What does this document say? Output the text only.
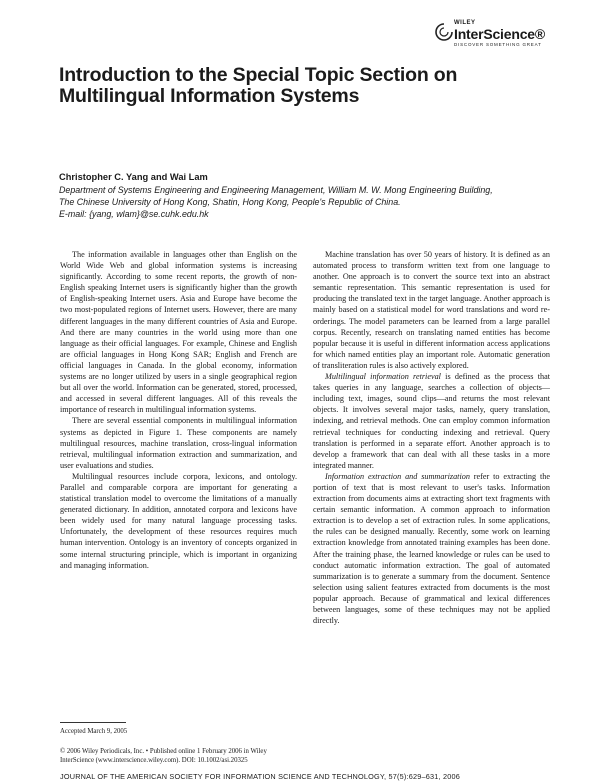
WILEY
InterScience®
DISCOVER SOMETHING GREAT
Introduction to the Special Topic Section on Multilingual Information Systems
Christopher C. Yang and Wai Lam
Department of Systems Engineering and Engineering Management, William M. W. Mong Engineering Building,
The Chinese University of Hong Kong, Shatin, Hong Kong, People's Republic of China.
E-mail: {yang, wlam}@se.cuhk.edu.hk

The information available in languages other than English on the World Wide Web and global information systems is increasing significantly. According to some recent reports, the growth of non-English speaking Internet users is significantly higher than the growth of English-speaking Internet users. Asia and Europe have become the two most-populated regions of Internet users. However, there are many different languages in the many different countries of Asia and Europe. And there are many countries in the world using more than one language as their official languages. For example, Chinese and English are official languages in Hong Kong SAR; English and French are official languages in Canada. In the global economy, information systems are no longer utilized by users in a single geographical region but all over the world. Information can be generated, stored, processed, and accessed in several different languages. All of this reveals the importance of research in multilingual information systems.

There are several essential components in multilingual information systems as depicted in Figure 1. These components are namely multilingual resources, machine translation, cross-lingual information retrieval, multilingual information extraction and summarization, and user evaluations and studies.

Multilingual resources include corpora, lexicons, and ontology. Parallel and comparable corpora are important for generating a statistical translation model to overcome the limitations of a manually generated dictionary. In addition, annotated corpora and lexicons have been widely used for many natural language processing tasks. Unfortunately, the development of these resources requires much human intervention. Ontology is an inventory of concepts organized in some internal structuring principle, which is important in organizing and managing information.

Machine translation has over 50 years of history. It is defined as an automated process to transform written text from one language to another. One approach is to convert the source text into an abstract semantic representation. This semantic representation is used for producing the translated text in the target language. Another approach is mainly based on a statistical model for word translations and word re-orderings. The model parameters can be learned from a large parallel corpus. Recently, research on translating named entities has become popular because it is useful in different information access applications for which named entities play an important role. Automatic generation of transliteration rules is also actively explored.

Multilingual information retrieval is defined as the process that takes queries in any language, searches a collection of objects—including text, images, sound clips—and returns the most relevant objects. It involves several major tasks, namely, query translation, indexing, and retrieval methods. One can employ common information retrieval techniques for conducting indexing and retrieval. Query translation is performed in a separate effort. Another approach is to develop a framework that can deal with all these tasks in a more integrated manner.

Information extraction and summarization refer to extracting the portion of text that is most relevant to user's tasks. Information extraction from documents aims at extracting short text fragments with certain semantic information. A common approach to information extraction is to develop a set of extraction rules. In some applications, the rules can be designed manually. Recently, some work on learning extraction knowledge from annotated training examples has been done. After the training phase, the learned knowledge or rules can be used to conduct automatic information extraction. The goal of automated summarization is to generate a summary from the document. Sentence selection using salient features extracted from documents is the most popular approach. Because of grammatical and lexical differences between languages, some of these techniques may not be applied directly.

Accepted March 9, 2005
© 2006 Wiley Periodicals, Inc. • Published online 1 February 2006 in Wiley
InterScience (www.interscience.wiley.com). DOI: 10.1002/asi.20325
JOURNAL OF THE AMERICAN SOCIETY FOR INFORMATION SCIENCE AND TECHNOLOGY, 57(5):629–631, 2006
